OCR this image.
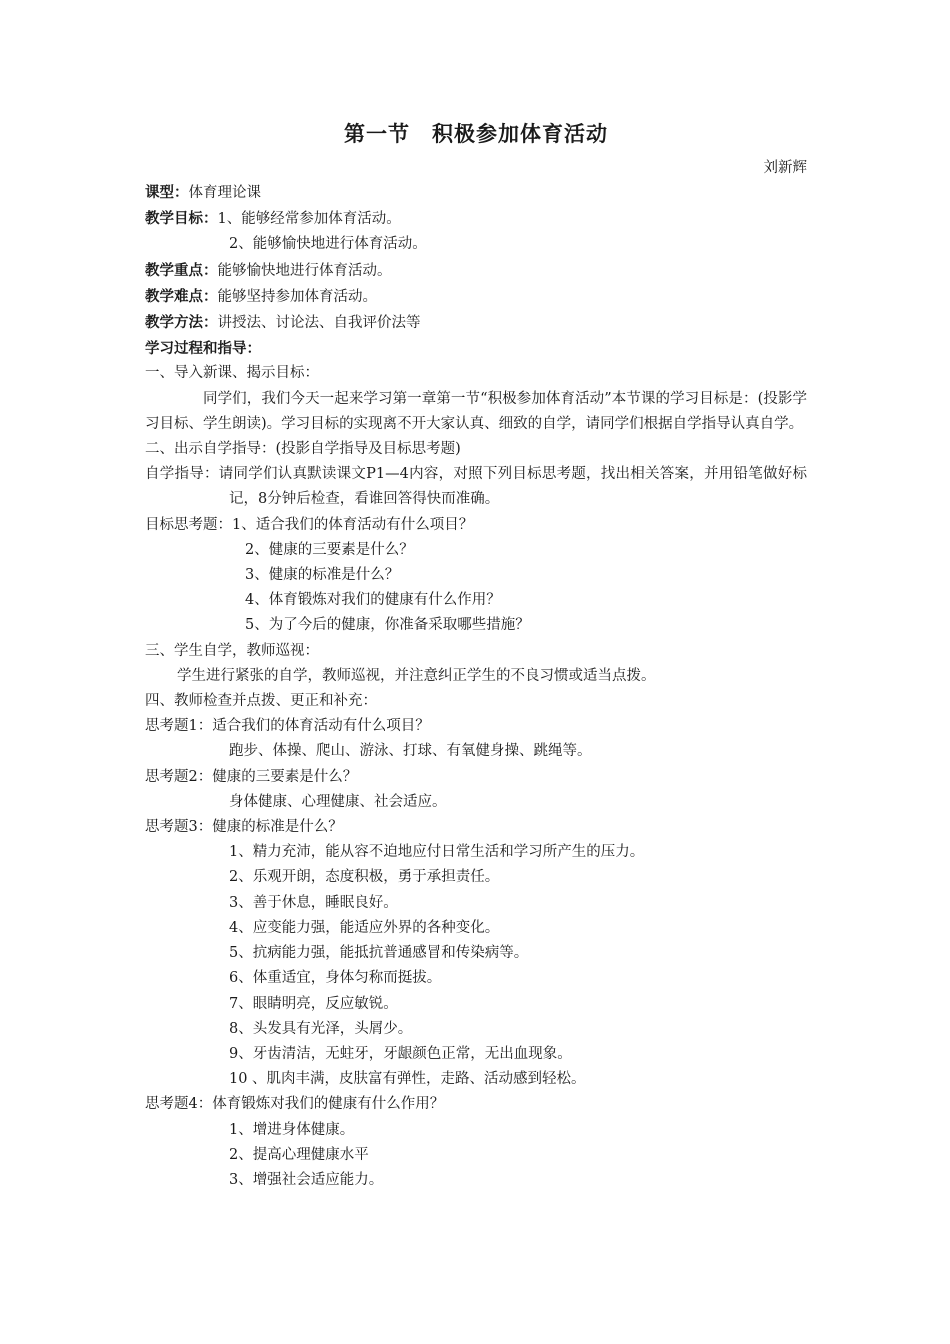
第一节　积极参加体育活动
刘新辉
课型：体育理论课
教学目标：1、能够经常参加体育活动。
2、能够愉快地进行体育活动。
教学重点：能够愉快地进行体育活动。
教学难点：能够坚持参加体育活动。
教学方法：讲授法、讨论法、自我评价法等
学习过程和指导：
一、导入新课、揭示目标：
同学们，我们今天一起来学习第一章第一节“积极参加体育活动”本节课的学习目标是：(投影学习目标、学生朗读)。学习目标的实现离不开大家认真、细致的自学，请同学们根据自学指导认真自学。
二、出示自学指导：(投影自学指导及目标思考题)
自学指导：请同学们认真默读课文P1—4内容，对照下列目标思考题，找出相关答案，并用铅笔做好标记，8分钟后检查，看谁回答得快而准确。
目标思考题：1、适合我们的体育活动有什么项目？
2、健康的三要素是什么？
3、健康的标准是什么？
4、体育锻炼对我们的健康有什么作用？
5、为了今后的健康，你准备采取哪些措施？
三、学生自学，教师巡视：
学生进行紧张的自学，教师巡视，并注意纠正学生的不良习惯或适当点拨。
四、教师检查并点拨、更正和补充：
思考题1：适合我们的体育活动有什么项目？
跑步、体操、爬山、游泳、打球、有氧健身操、跳绳等。
思考题2：健康的三要素是什么？
身体健康、心理健康、社会适应。
思考题3：健康的标准是什么？
1、精力充沛，能从容不迫地应付日常生活和学习所产生的压力。
2、乐观开朗，态度积极，勇于承担责任。
3、善于休息，睡眠良好。
4、应变能力强，能适应外界的各种变化。
5、抗病能力强，能抵抗普通感冒和传染病等。
6、体重适宜，身体匀称而挺拔。
7、眼睛明亮，反应敏锐。
8、头发具有光泽，头屑少。
9、牙齿清洁，无蛀牙，牙龈颜色正常，无出血现象。
10 、肌肉丰满，皮肤富有弹性，走路、活动感到轻松。
思考题4：体育锻炼对我们的健康有什么作用？
1、增进身体健康。
2、提高心理健康水平
3、增强社会适应能力。
